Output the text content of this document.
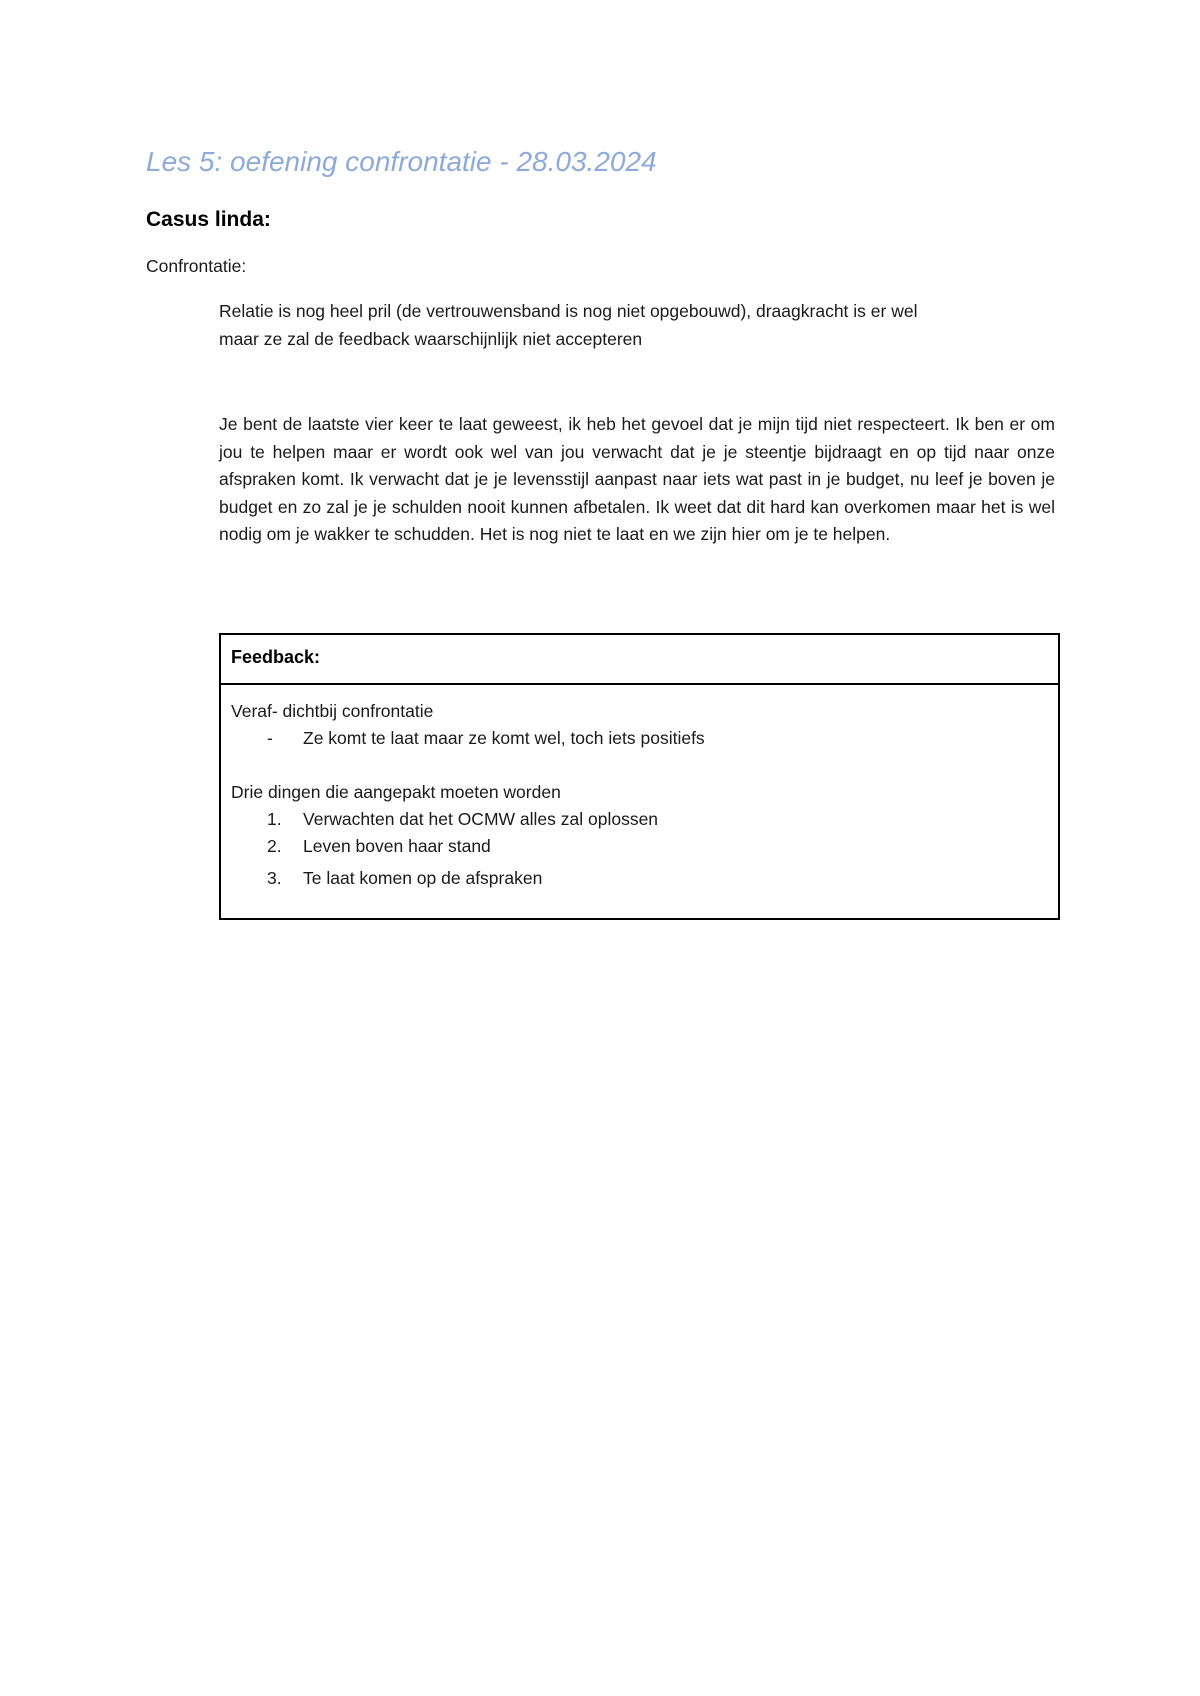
Les 5: oefening confrontatie - 28.03.2024
Casus linda:

Confrontatie:

Relatie is nog heel pril (de vertrouwensband is nog niet opgebouwd), draagkracht is er wel
maar ze zal de feedback waarschijnlijk niet accepteren

Je bent de laatste vier keer te laat geweest, ik heb het gevoel dat je mijn tijd niet respecteert. Ik ben er om jou te helpen maar er wordt ook wel van jou verwacht dat je je steentje bijdraagt en op tijd naar onze afspraken komt. Ik verwacht dat je je levensstijl aanpast naar iets wat past in je budget, nu leef je boven je budget en zo zal je je schulden nooit kunnen afbetalen. Ik weet dat dit hard kan overkomen maar het is wel nodig om je wakker te schudden. Het is nog niet te laat en we zijn hier om je te helpen.

Feedback:
Veraf- dichtbij confrontatie
- Ze komt te laat maar ze komt wel, toch iets positiefs
Drie dingen die aangepakt moeten worden
1. Verwachten dat het OCMW alles zal oplossen
2. Leven boven haar stand
3. Te laat komen op de afspraken
